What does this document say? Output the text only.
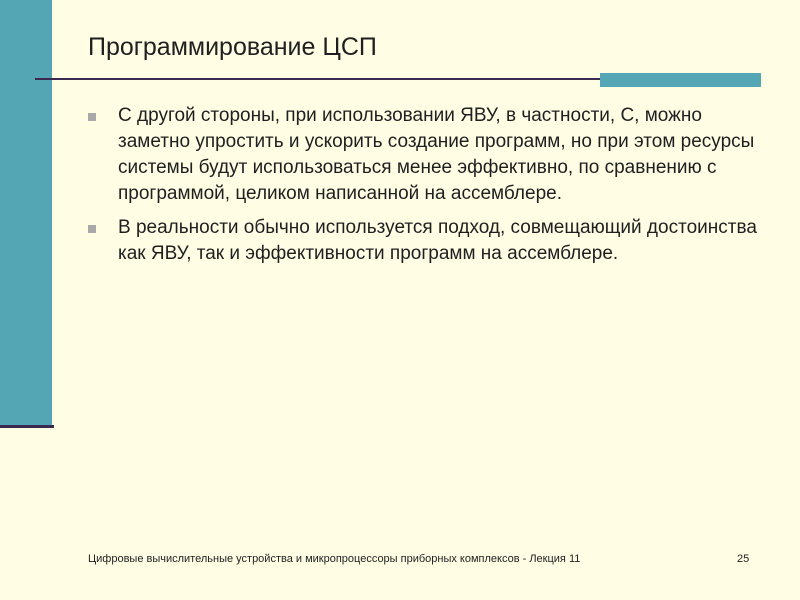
Программирование ЦСП
С другой стороны, при использовании ЯВУ, в частности, С, можно заметно упростить и ускорить создание программ, но при этом ресурсы системы будут использоваться менее эффективно, по сравнению с программой, целиком написанной на ассемблере.
В реальности обычно используется подход, совмещающий достоинства как ЯВУ, так и эффективности программ на ассемблере.
Цифровые вычислительные устройства и микропроцессоры приборных комплексов - Лекция 11	25
